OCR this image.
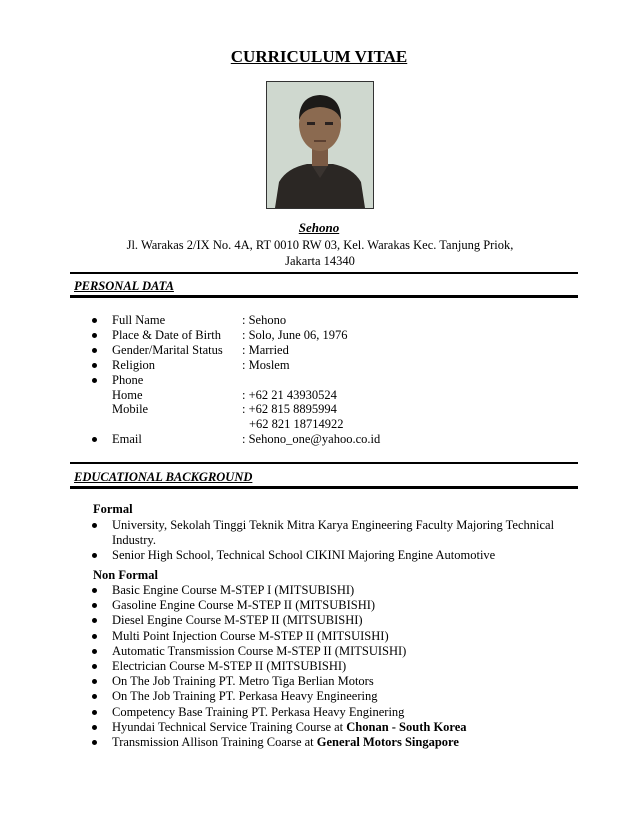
CURRICULUM VITAE
Sehono
Jl. Warakas 2/IX No. 4A, RT 0010 RW 03, Kel. Warakas Kec. Tanjung Priok,
Jakarta 14340
PERSONAL DATA
Full Name	: Sehono
Place & Date of Birth : Solo, June 06, 1976
Gender/Marital Status : Married
Religion	: Moslem
Phone
Home	: +62 21 43930524
Mobile	: +62 815 8895994
+62 821 18714922
Email	: Sehono_one@yahoo.co.id
EDUCATIONAL BACKGROUND
Formal
University, Sekolah Tinggi Teknik Mitra Karya Engineering Faculty Majoring Technical Industry.
Senior High School, Technical School CIKINI Majoring Engine Automotive
Non Formal
Basic Engine Course M-STEP I (MITSUBISHI)
Gasoline Engine Course M-STEP II (MITSUBISHI)
Diesel Engine Course M-STEP II (MITSUBISHI)
Multi Point Injection Course M-STEP II (MITSUISHI)
Automatic Transmission Course M-STEP II (MITSUISHI)
Electrician Course M-STEP II (MITSUBISHI)
On The Job Training PT. Metro Tiga Berlian Motors
On The Job Training PT. Perkasa Heavy Engineering
Competency Base Training PT. Perkasa Heavy Enginering
Hyundai Technical Service Training Course at Chonan - South Korea
Transmission Allison Training Coarse at General Motors Singapore
